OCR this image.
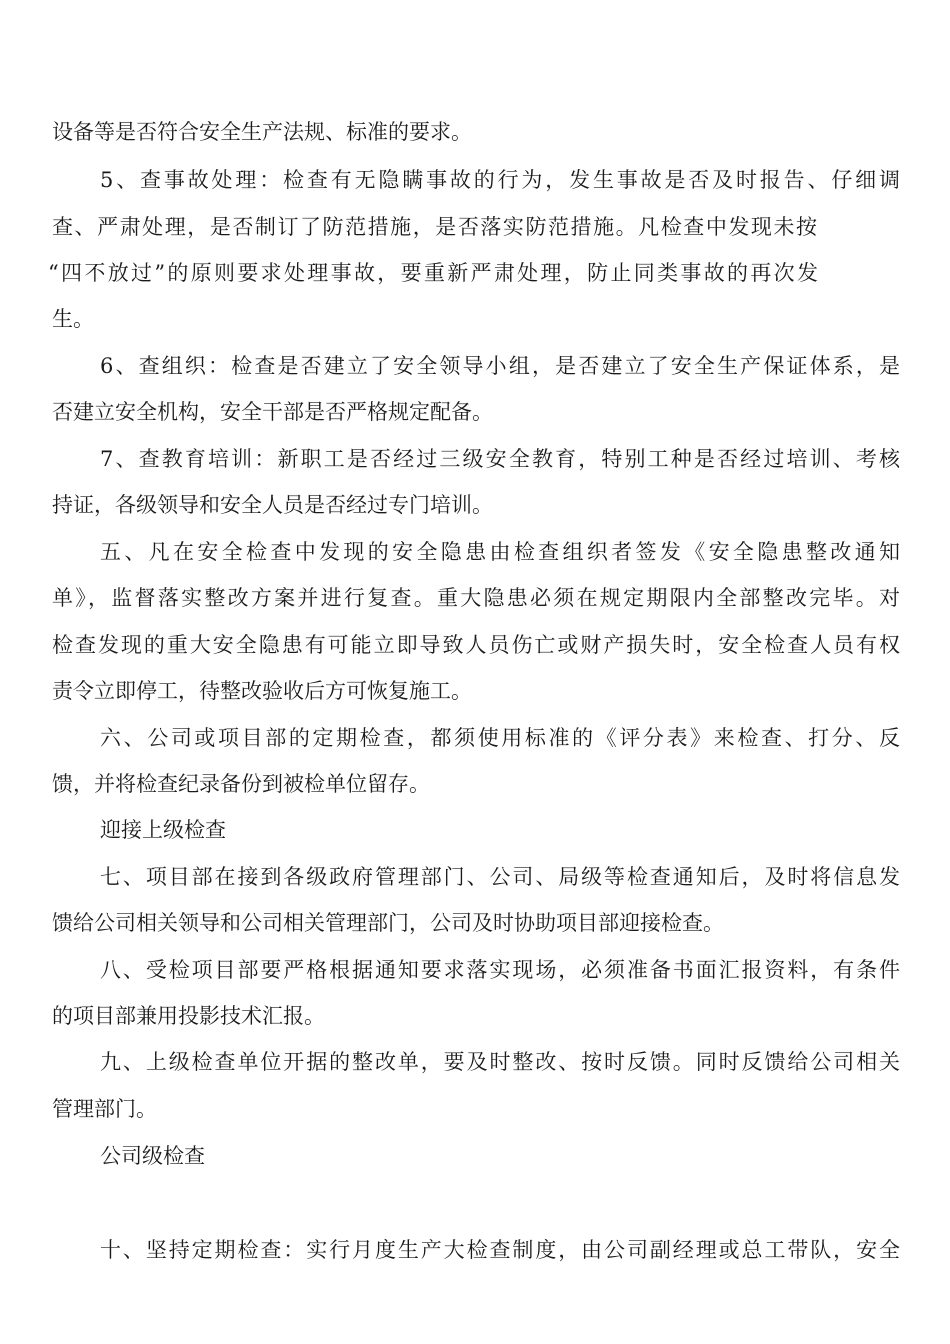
设备等是否符合安全生产法规、标准的要求。
5、查事故处理：检查有无隐瞒事故的行为，发生事故是否及时报告、仔细调
查、严肃处理，是否制订了防范措施，是否落实防范措施。凡检查中发现未按
“四不放过”的原则要求处理事故，要重新严肃处理，防止同类事故的再次发
生。
6、查组织：检查是否建立了安全领导小组，是否建立了安全生产保证体系，是
否建立安全机构，安全干部是否严格规定配备。
7、查教育培训：新职工是否经过三级安全教育，特别工种是否经过培训、考核
持证，各级领导和安全人员是否经过专门培训。
五、凡在安全检查中发现的安全隐患由检查组织者签发《安全隐患整改通知
单》，监督落实整改方案并进行复查。重大隐患必须在规定期限内全部整改完毕。对
检查发现的重大安全隐患有可能立即导致人员伤亡或财产损失时，安全检查人员有权
责令立即停工，待整改验收后方可恢复施工。
六、公司或项目部的定期检查，都须使用标准的《评分表》来检查、打分、反
馈，并将检查纪录备份到被检单位留存。
迎接上级检查
七、项目部在接到各级政府管理部门、公司、局级等检查通知后，及时将信息发
馈给公司相关领导和公司相关管理部门，公司及时协助项目部迎接检查。
八、受检项目部要严格根据通知要求落实现场，必须准备书面汇报资料，有条件
的项目部兼用投影技术汇报。
九、上级检查单位开据的整改单，要及时整改、按时反馈。同时反馈给公司相关
管理部门。
公司级检查
十、坚持定期检查：实行月度生产大检查制度，由公司副经理或总工带队，安全
